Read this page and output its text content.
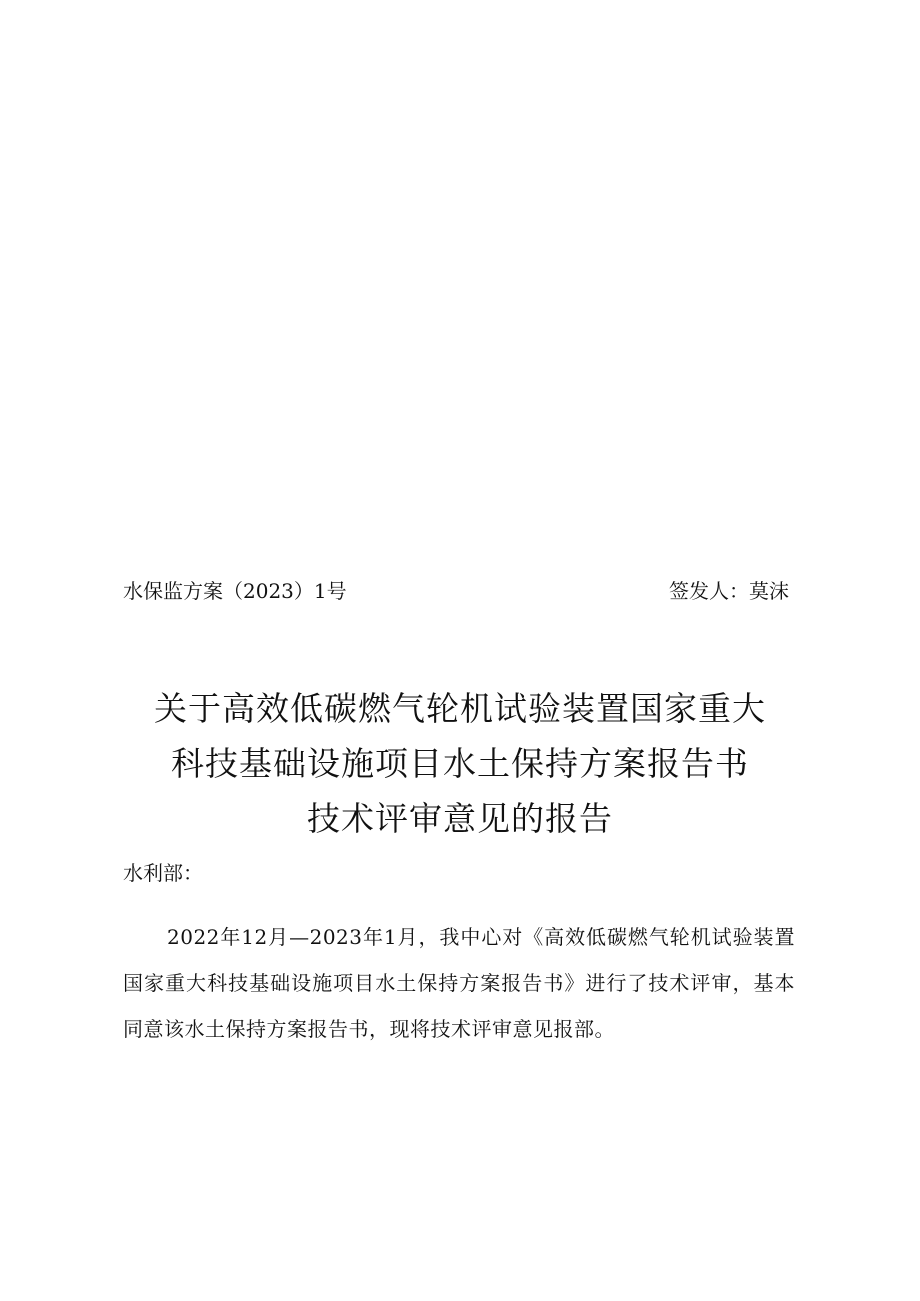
水保监方案（2023）1号	签发人：莫沫
关于高效低碳燃气轮机试验装置国家重大
科技基础设施项目水土保持方案报告书
技术评审意见的报告
水利部：
2022年12月—2023年1月，我中心对《高效低碳燃气轮机试验装置国家重大科技基础设施项目水土保持方案报告书》进行了技术评审，基本同意该水土保持方案报告书，现将技术评审意见报部。
